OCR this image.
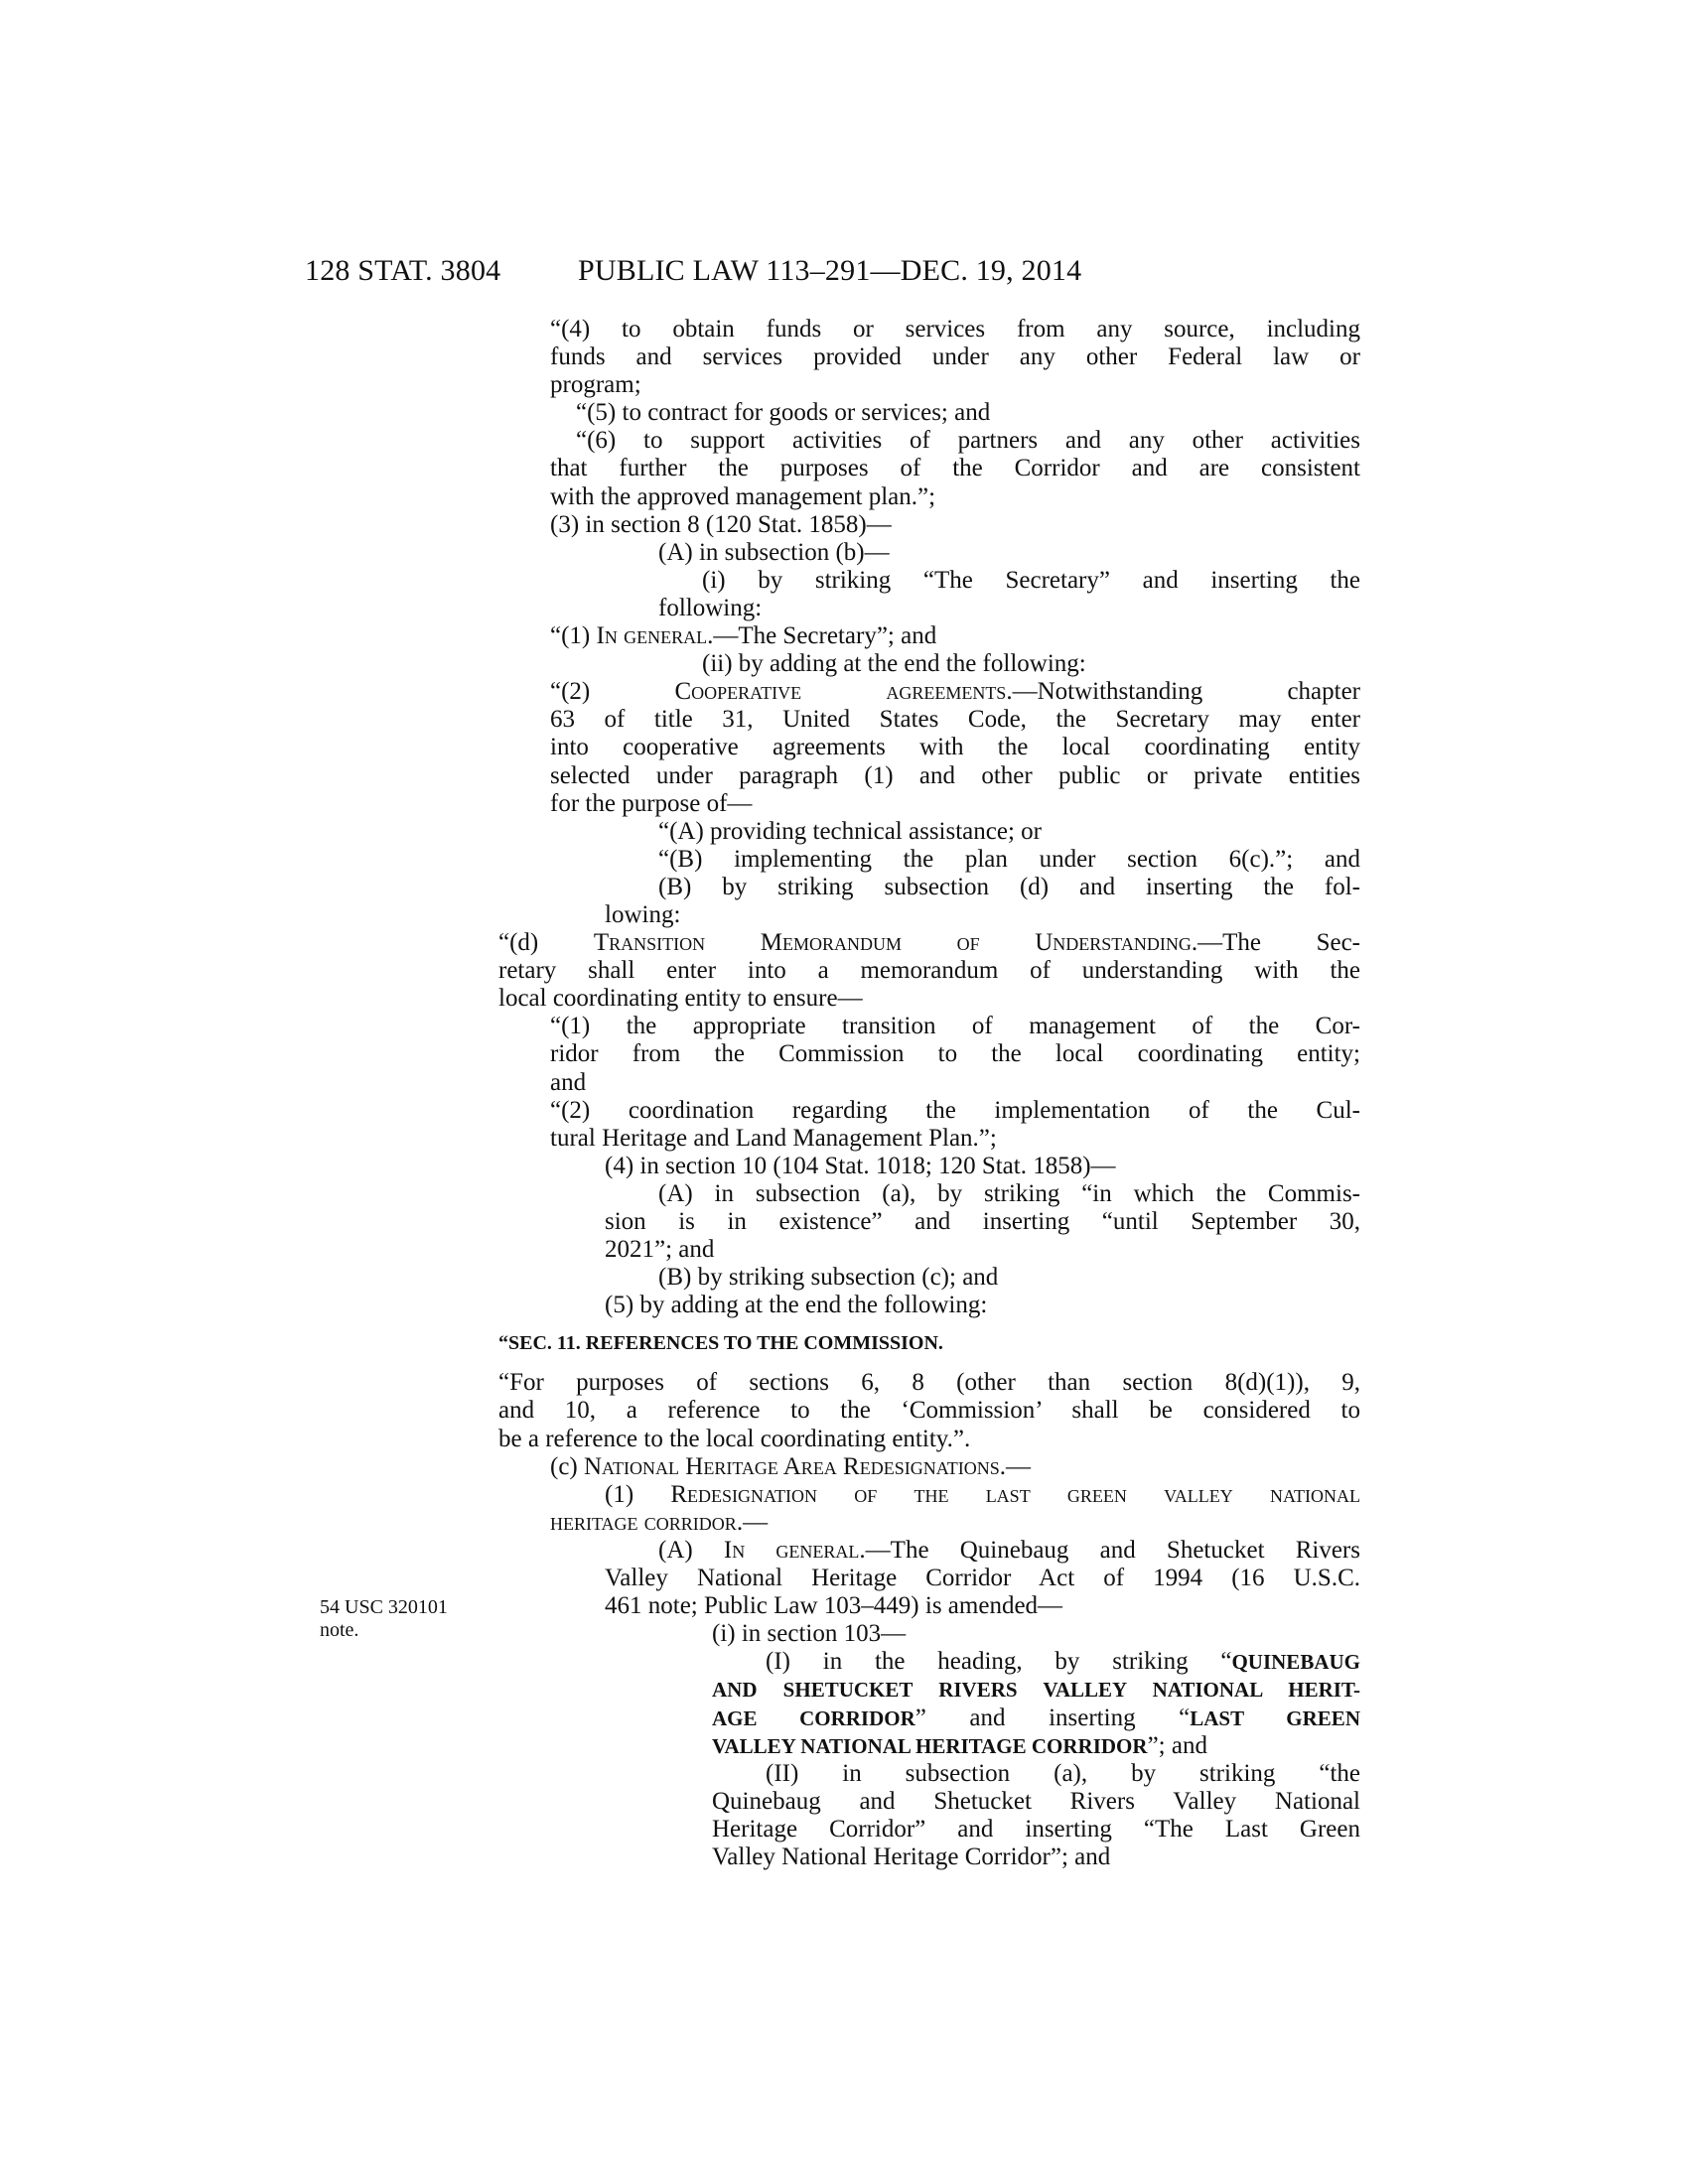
128 STAT. 3804	PUBLIC LAW 113–291—DEC. 19, 2014
54 USC 320101
note.
“(4) to obtain funds or services from any source, including
funds and services provided under any other Federal law or
program;
“(5) to contract for goods or services; and
“(6) to support activities of partners and any other activities
that further the purposes of the Corridor and are consistent
with the approved management plan.”;
(3) in section 8 (120 Stat. 1858)—
(A) in subsection (b)—
(i) by striking “The Secretary” and inserting the
following:
“(1) In general.—The Secretary”; and
(ii) by adding at the end the following:
“(2) Cooperative agreements.—Notwithstanding chapter
63 of title 31, United States Code, the Secretary may enter
into cooperative agreements with the local coordinating entity
selected under paragraph (1) and other public or private entities
for the purpose of—
“(A) providing technical assistance; or
“(B) implementing the plan under section 6(c).”; and
(B) by striking subsection (d) and inserting the fol-
lowing:
“(d) Transition Memorandum of Understanding.—The Sec-
retary shall enter into a memorandum of understanding with the
local coordinating entity to ensure—
“(1) the appropriate transition of management of the Cor-
ridor from the Commission to the local coordinating entity;
and
“(2) coordination regarding the implementation of the Cul-
tural Heritage and Land Management Plan.”;
(4) in section 10 (104 Stat. 1018; 120 Stat. 1858)—
(A) in subsection (a), by striking “in which the Commis-
sion is in existence” and inserting “until September 30,
2021”; and
(B) by striking subsection (c); and
(5) by adding at the end the following:
“SEC. 11. REFERENCES TO THE COMMISSION.
“For purposes of sections 6, 8 (other than section 8(d)(1)), 9,
and 10, a reference to the ‘Commission’ shall be considered to
be a reference to the local coordinating entity.”.
(c) National Heritage Area Redesignations.—
(1) Redesignation of the last green valley national
heritage corridor.—
(A) In general.—The Quinebaug and Shetucket Rivers
Valley National Heritage Corridor Act of 1994 (16 U.S.C.
461 note; Public Law 103–449) is amended—
(i) in section 103—
(I) in the heading, by striking “QUINEBAUG
AND SHETUCKET RIVERS VALLEY NATIONAL HERIT-
AGE CORRIDOR” and inserting “LAST GREEN
VALLEY NATIONAL HERITAGE CORRIDOR”; and
(II) in subsection (a), by striking “the
Quinebaug and Shetucket Rivers Valley National
Heritage Corridor” and inserting “The Last Green
Valley National Heritage Corridor”; and
